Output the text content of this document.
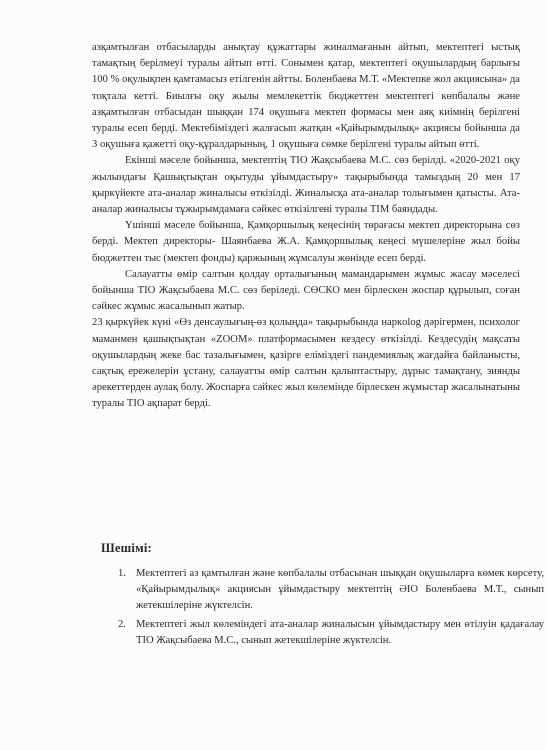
азқамтылған отбасыларды анықтау құжаттары жиналмағанын айтып, мектептегі ыстық тамақтың берілмеуі туралы айтып өтті. Сонымен қатар, мектептегі оқушылардың барлығы 100 % оқулықпен қамтамасыз етілгенін айтты. Боленбаева М.Т. «Мектепке жол акциясына» да тоқтала кетті. Биылғы оқу жылы мемлекеттік бюджеттен мектептегі көпбалалы және азқамтылған отбасыдан шыққан 174 оқушыға мектеп формасы мен аяқ киімнің берілгені туралы есеп берді. Мектебіміздегі жалғасып жатқан «Қайырымдылық» акциясы бойынша да 3 оқушыға қажетті оқу-құралдарының, 1 оқушыға сөмке берілгені туралы айтып өтті.

Екінші мәселе бойынша, мектептің ТІО Жақсыбаева М.С. сөз берілді. «2020-2021 оқу жылындағы Қашықтықтан оқытуды ұйымдастыру» тақырыбында тамыздың 20 мен 17 қыркүйекте ата-аналар жиналысы өткізілді. Жиналысқа ата-аналар толығымен қатысты. Ата-аналар жиналысы тұжырымдамаға сәйкес өткізілгені туралы ТІМ баяндады.

Үшінші мәселе бойынша, Қамқоршылық кеңесінің төрағасы мектеп директорына сөз берді. Мектеп директоры- Шаянбаева Ж.А. Қамқоршылық кеңесі мүшелеріне жыл бойы бюджеттен тыс (мектеп фонды) қаржының жұмсалуы жөнінде есеп берді.

Салауатты өмір салтын қолдау орталығының мамандарымен жұмыс жасау мәселесі бойынша ТІО Жақсыбаева М.С. сөз беріледі. СӨСКО мен бірлескен жоспар құрылып, соған сәйкес жұмыс жасалынып жатыр.

23 қыркүйек күні «Өз денсаулығың-өз қолыңда» тақырыбында наркolog дәрігермен, психолог маманмен қашықтықтан «ZOOM» платформасымен кездесу өткізілді. Кездесудің мақсаты оқушылардың жеке бас тазалығымен, қазірге еліміздегі пандемиялық жағдайға байланысты, сақтық ережелерін ұстану, салауатты өмір салтын қалыптастыру, дұрыс тамақтану, зиянды әрекеттерден аулақ болу. Жоспарға сәйкес жыл көлемінде бірлескен жұмыстар жасалынатыны туралы ТІО ақпарат берді.

Шешімі:
1. Мектептегі аз қамтылған және көпбалалы отбасынан шыққан оқушыларға көмек көрсету, «Қайырымдылық» акциясын ұйымдастыру мектептің ӘІО Боленбаева М.Т., сынып жетекшілеріне жүктелсін.
2. Мектептегі жыл көлеміндегі ата-аналар жиналысын ұйымдастыру мен өтілуін қадағалау ТІО Жақсыбаева М.С., сынып жетекшілеріне жүктелсін.
